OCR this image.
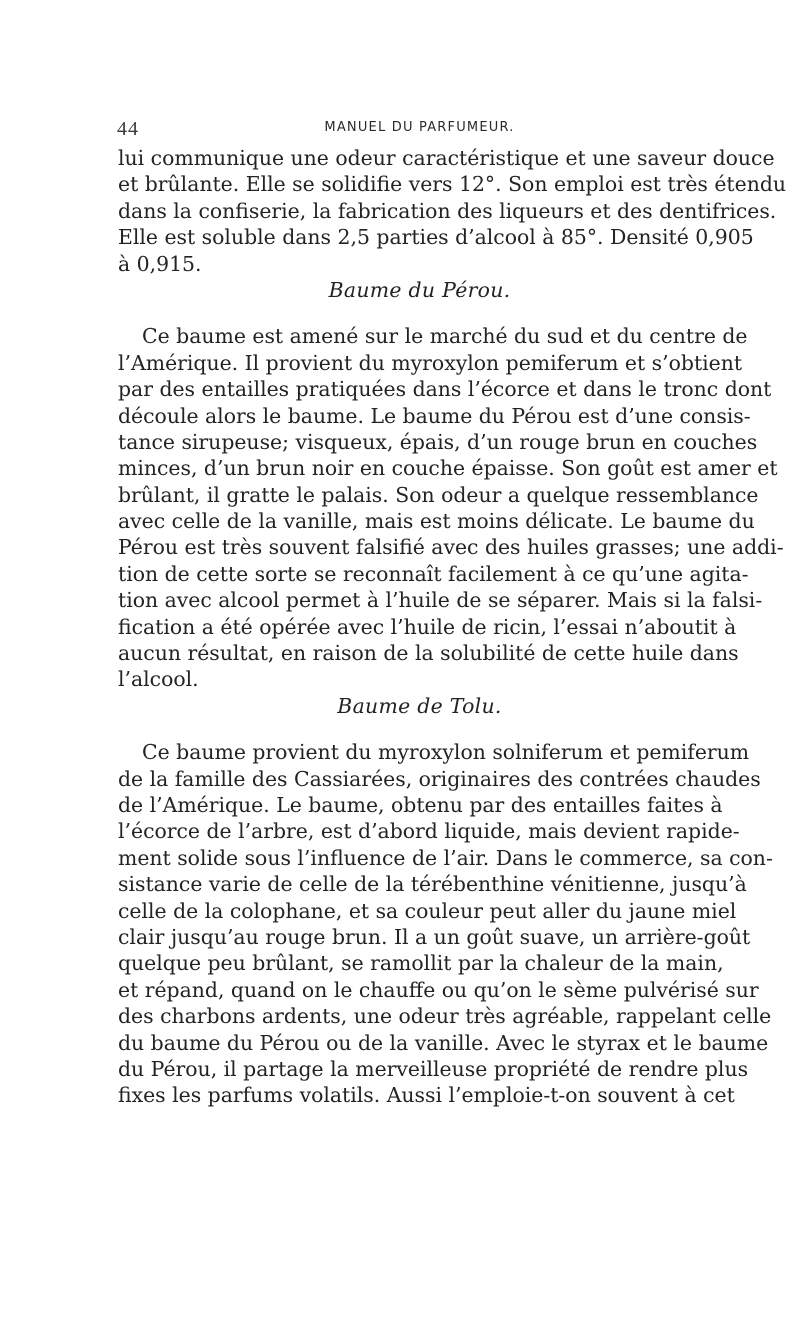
44	MANUEL DU PARFUMEUR.
lui communique une odeur caractéristique et une saveur douce
et brûlante. Elle se solidifie vers 12°. Son emploi est très étendu
dans la confiserie, la fabrication des liqueurs et des dentifrices.
Elle est soluble dans 2,5 parties d’alcool à 85°. Densité 0,905
à 0,915.
Baume du Pérou.
Ce baume est amené sur le marché du sud et du centre de
l’Amérique. Il provient du myroxylon pemiferum et s’obtient
par des entailles pratiquées dans l’écorce et dans le tronc dont
découle alors le baume. Le baume du Pérou est d’une consis-
tance sirupeuse; visqueux, épais, d’un rouge brun en couches
minces, d’un brun noir en couche épaisse. Son goût est amer et
brûlant, il gratte le palais. Son odeur a quelque ressemblance
avec celle de la vanille, mais est moins délicate. Le baume du
Pérou est très souvent falsifié avec des huiles grasses; une addi-
tion de cette sorte se reconnaît facilement à ce qu’une agita-
tion avec alcool permet à l’huile de se séparer. Mais si la falsi-
fication a été opérée avec l’huile de ricin, l’essai n’aboutit à
aucun résultat, en raison de la solubilité de cette huile dans
l’alcool.
Baume de Tolu.
Ce baume provient du myroxylon solniferum et pemiferum
de la famille des Cassiarées, originaires des contrées chaudes
de l’Amérique. Le baume, obtenu par des entailles faites à
l’écorce de l’arbre, est d’abord liquide, mais devient rapide-
ment solide sous l’influence de l’air. Dans le commerce, sa con-
sistance varie de celle de la térébenthine vénitienne, jusqu’à
celle de la colophane, et sa couleur peut aller du jaune miel
clair jusqu’au rouge brun. Il a un goût suave, un arrière-goût
quelque peu brûlant, se ramollit par la chaleur de la main,
et répand, quand on le chauffe ou qu’on le sème pulvérisé sur
des charbons ardents, une odeur très agréable, rappelant celle
du baume du Pérou ou de la vanille. Avec le styrax et le baume
du Pérou, il partage la merveilleuse propriété de rendre plus
fixes les parfums volatils. Aussi l’emploie-t-on souvent à cet
